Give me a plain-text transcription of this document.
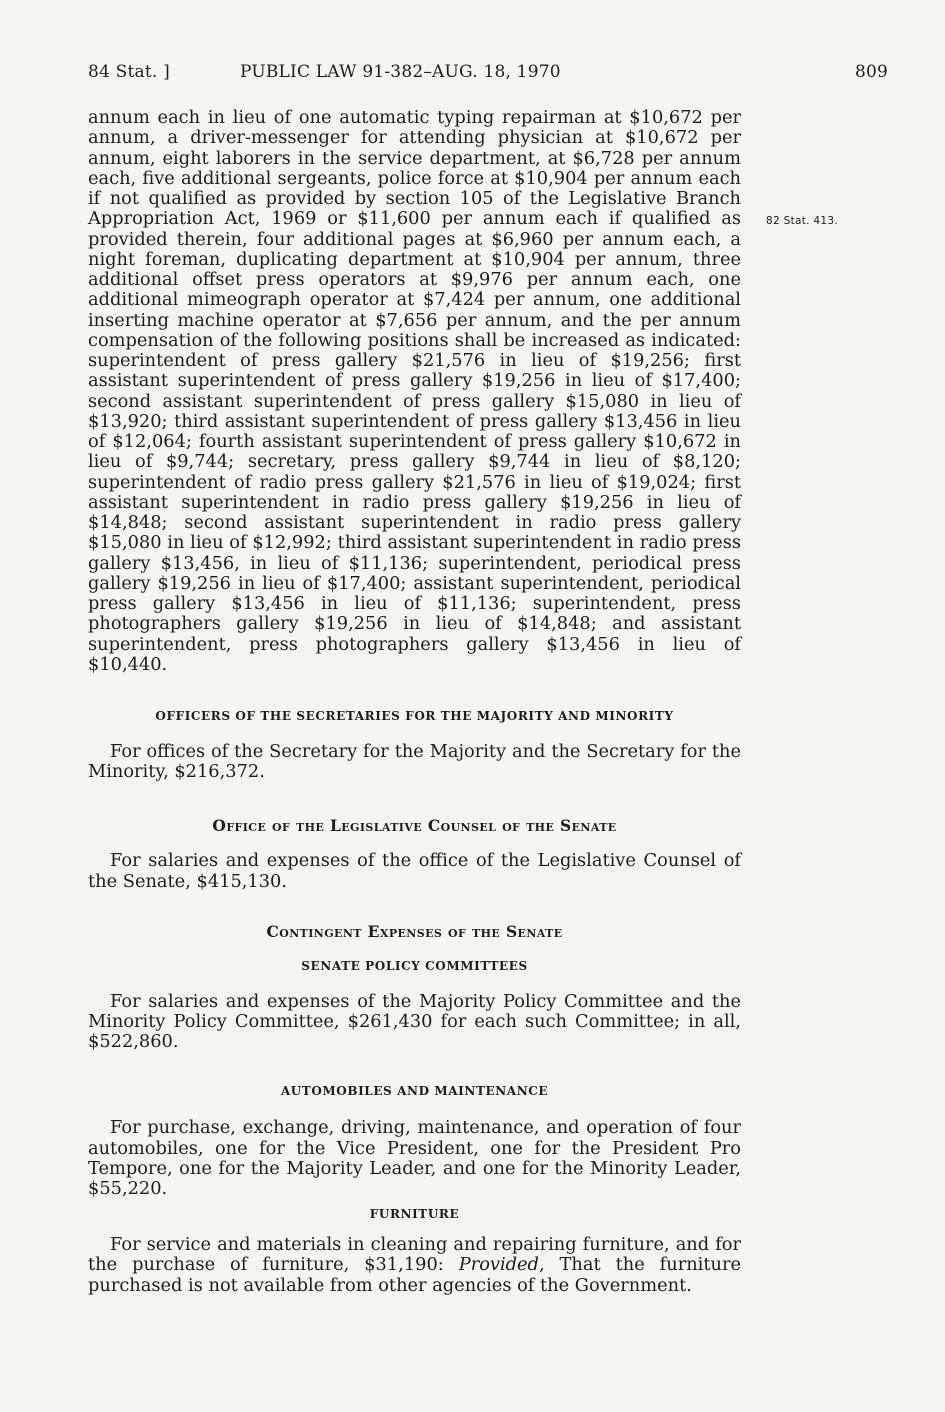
84 Stat. ]	PUBLIC LAW 91-382–AUG. 18, 1970	809
82 Stat. 413.

annum each in lieu of one automatic typing repairman at $10,672 per annum, a driver-messenger for attending physician at $10,672 per annum, eight laborers in the service department, at $6,728 per annum each, five additional sergeants, police force at $10,904 per annum each if not qualified as provided by section 105 of the Legislative Branch Appropriation Act, 1969 or $11,600 per annum each if qualified as provided therein, four additional pages at $6,960 per annum each, a night foreman, duplicating department at $10,904 per annum, three additional offset press operators at $9,976 per annum each, one additional mimeograph operator at $7,424 per annum, one additional inserting machine operator at $7,656 per annum, and the per annum compensation of the following positions shall be increased as indicated: superintendent of press gallery $21,576 in lieu of $19,256; first assistant superintendent of press gallery $19,256 in lieu of $17,400; second assistant superintendent of press gallery $15,080 in lieu of $13,920; third assistant superintendent of press gallery $13,456 in lieu of $12,064; fourth assistant superintendent of press gallery $10,672 in lieu of $9,744; secretary, press gallery $9,744 in lieu of $8,120; superintendent of radio press gallery $21,576 in lieu of $19,024; first assistant superintendent in radio press gallery $19,256 in lieu of $14,848; second assistant superintendent in radio press gallery $15,080 in lieu of $12,992; third assistant superintendent in radio press gallery $13,456, in lieu of $11,136; superintendent, periodical press gallery $19,256 in lieu of $17,400; assistant superintendent, periodical press gallery $13,456 in lieu of $11,136; superintendent, press photographers gallery $19,256 in lieu of $14,848; and assistant superintendent, press photographers gallery $13,456 in lieu of $10,440.

OFFICERS OF THE SECRETARIES FOR THE MAJORITY AND MINORITY

For offices of the Secretary for the Majority and the Secretary for the Minority, $216,372.

Office of the Legislative Counsel of the Senate

For salaries and expenses of the office of the Legislative Counsel of the Senate, $415,130.

Contingent Expenses of the Senate
SENATE POLICY COMMITTEES

For salaries and expenses of the Majority Policy Committee and the Minority Policy Committee, $261,430 for each such Committee; in all, $522,860.

AUTOMOBILES AND MAINTENANCE

For purchase, exchange, driving, maintenance, and operation of four automobiles, one for the Vice President, one for the President Pro Tempore, one for the Majority Leader, and one for the Minority Leader, $55,220.

FURNITURE

For service and materials in cleaning and repairing furniture, and for the purchase of furniture, $31,190: Provided, That the furniture purchased is not available from other agencies of the Government.
